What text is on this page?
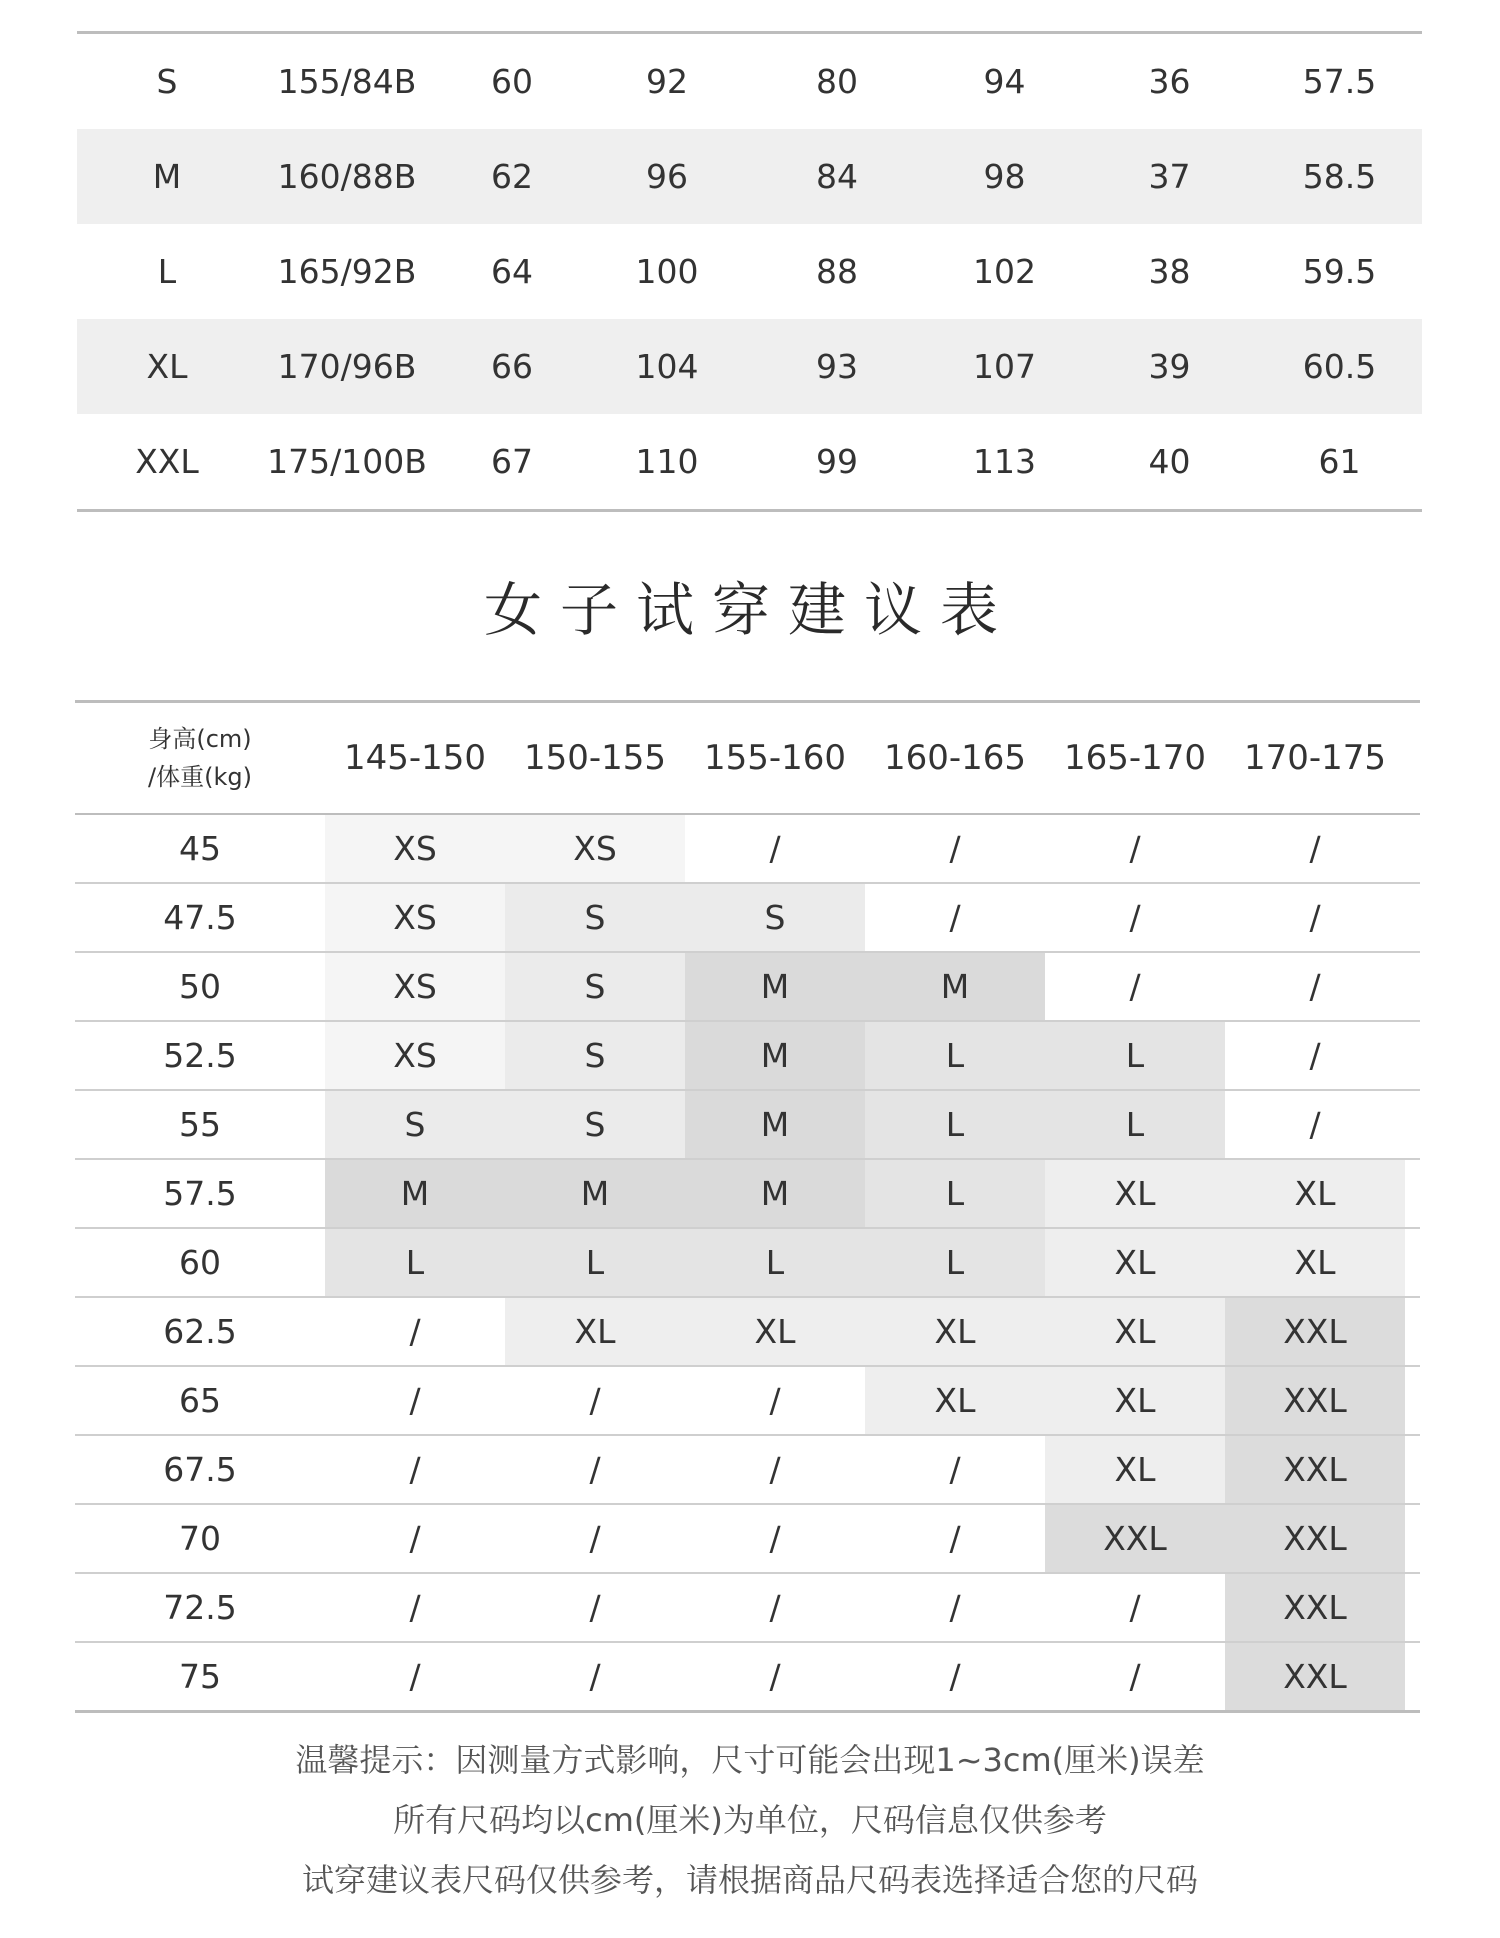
S	155/84B	60	92	80	94	36	57.5
M	160/88B	62	96	84	98	37	58.5
L	165/92B	64	100	88	102	38	59.5
XL	170/96B	66	104	93	107	39	60.5
XXL	175/100B	67	110	99	113	40	61
女子试穿建议表
身高(cm)
/体重(kg)	145-150	150-155	155-160	160-165	165-170	170-175
45	XS	XS	/	/	/	/
47.5	XS	S	S	/	/	/
50	XS	S	M	M	/	/
52.5	XS	S	M	L	L	/
55	S	S	M	L	L	/
57.5	M	M	M	L	XL	XL
60	L	L	L	L	XL	XL
62.5	/	XL	XL	XL	XL	XXL
65	/	/	/	XL	XL	XXL
67.5	/	/	/	/	XL	XXL
70	/	/	/	/	XXL	XXL
72.5	/	/	/	/	/	XXL
75	/	/	/	/	/	XXL
温馨提示：因测量方式影响，尺寸可能会出现1~3cm(厘米)误差
所有尺码均以cm(厘米)为单位，尺码信息仅供参考
试穿建议表尺码仅供参考，请根据商品尺码表选择适合您的尺码
